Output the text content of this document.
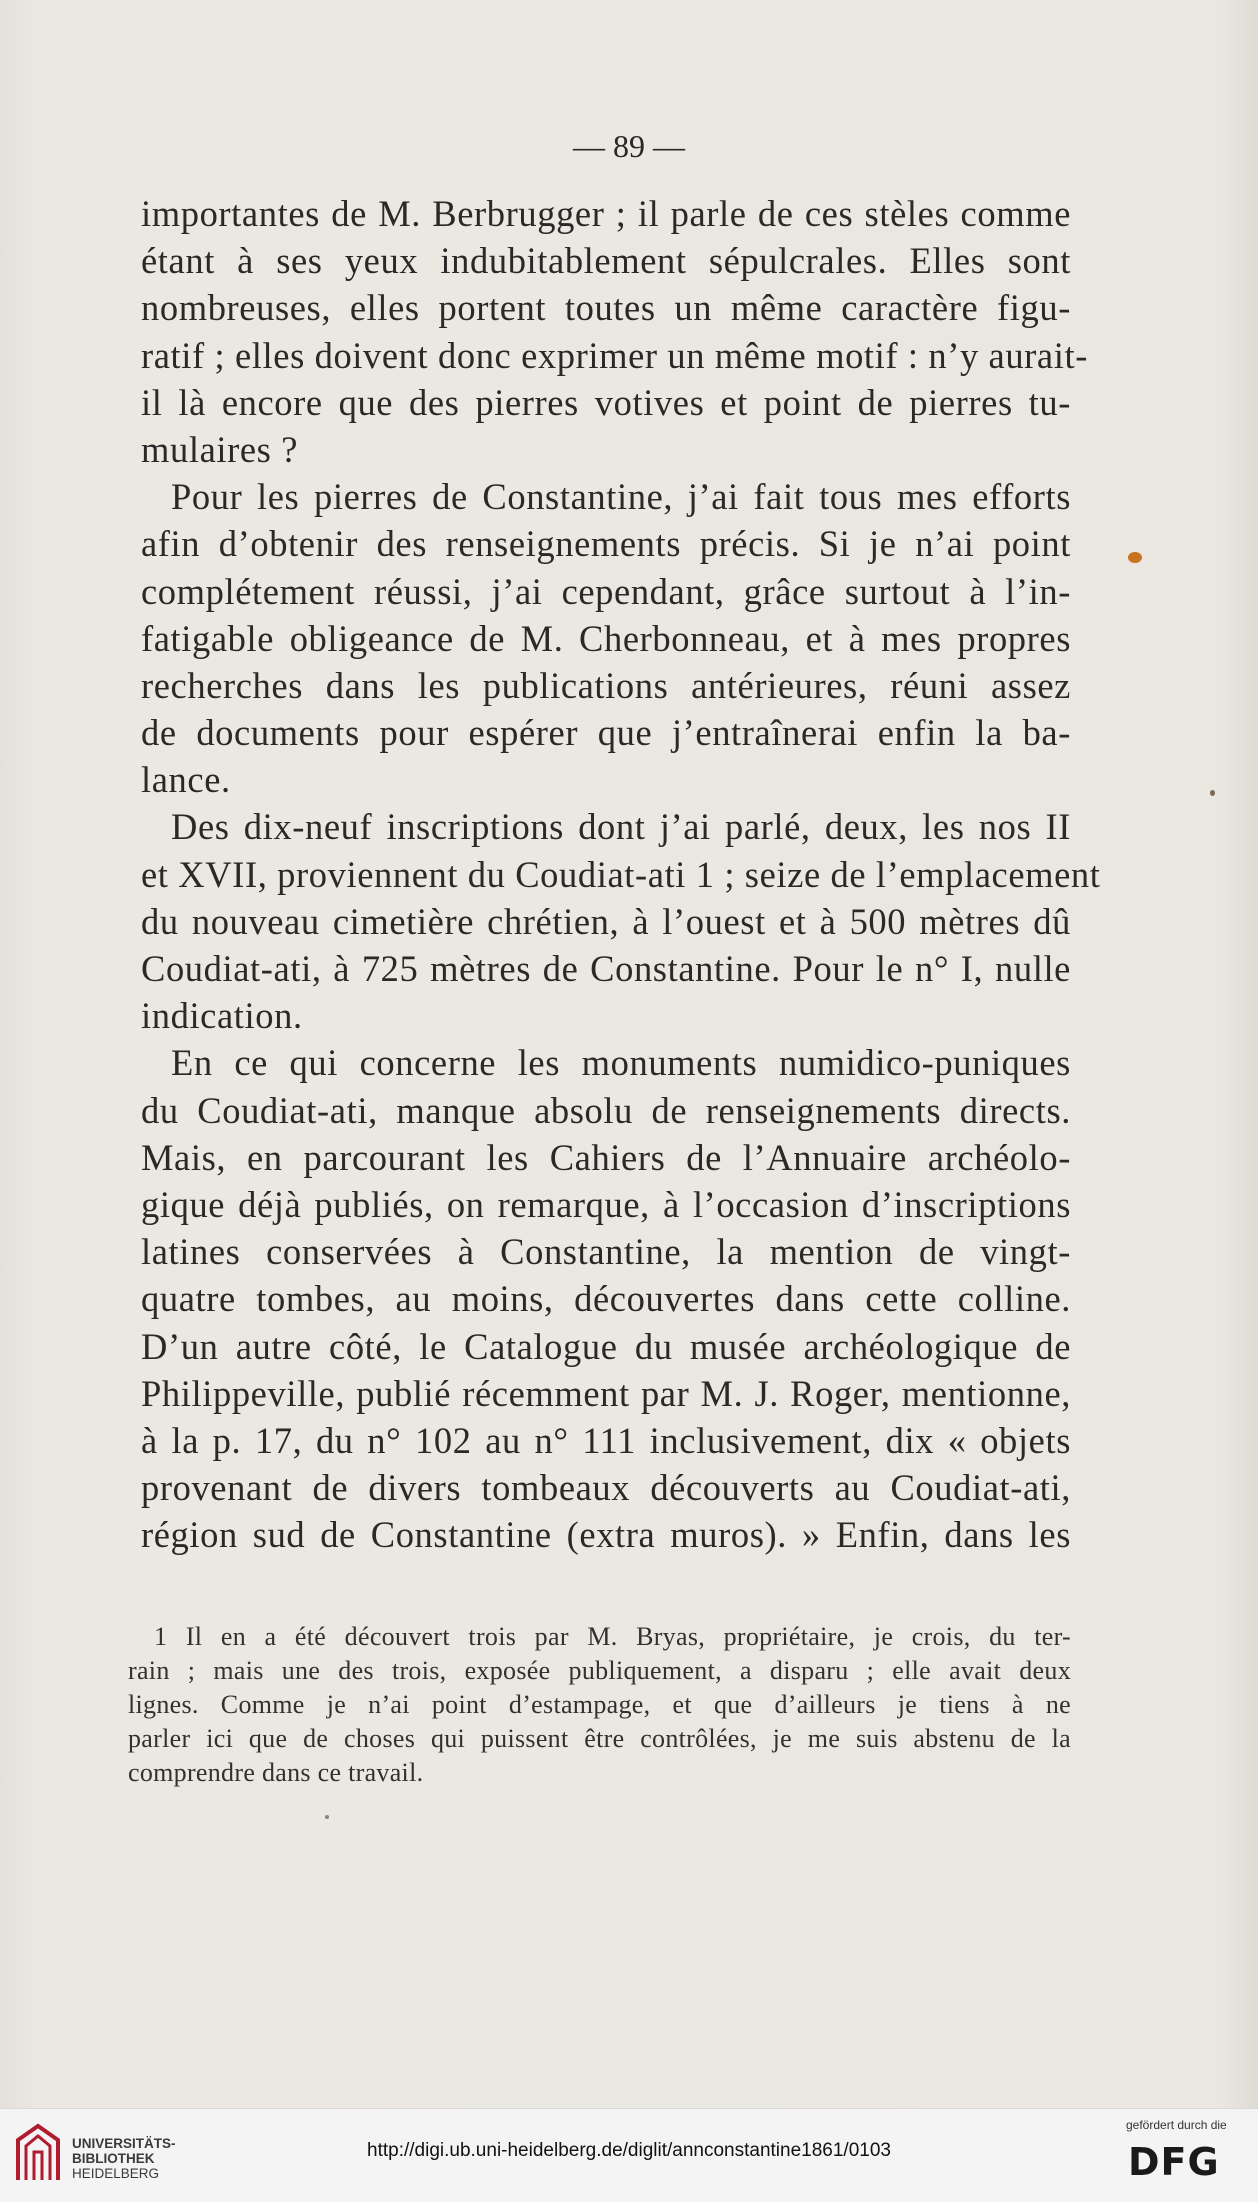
— 89 —
importantes de M. Berbrugger ; il parle de ces stèles comme
étant à ses yeux indubitablement sépulcrales. Elles sont
nombreuses, elles portent toutes un même caractère figu-
ratif ; elles doivent donc exprimer un même motif : n’y aurait-
il là encore que des pierres votives et point de pierres tu-
mulaires ?
Pour les pierres de Constantine, j’ai fait tous mes efforts
afin d’obtenir des renseignements précis. Si je n’ai point
complétement réussi, j’ai cependant, grâce surtout à l’in-
fatigable obligeance de M. Cherbonneau, et à mes propres
recherches dans les publications antérieures, réuni assez
de documents pour espérer que j’entraînerai enfin la ba-
lance.
Des dix-neuf inscriptions dont j’ai parlé, deux, les nos II
et XVII, proviennent du Coudiat-ati 1 ; seize de l’emplacement
du nouveau cimetière chrétien, à l’ouest et à 500 mètres dû
Coudiat-ati, à 725 mètres de Constantine. Pour le n° I, nulle
indication.
En ce qui concerne les monuments numidico-puniques
du Coudiat-ati, manque absolu de renseignements directs.
Mais, en parcourant les Cahiers de l’Annuaire archéolo-
gique déjà publiés, on remarque, à l’occasion d’inscriptions
latines conservées à Constantine, la mention de vingt-
quatre tombes, au moins, découvertes dans cette colline.
D’un autre côté, le Catalogue du musée archéologique de
Philippeville, publié récemment par M. J. Roger, mentionne,
à la p. 17, du n° 102 au n° 111 inclusivement, dix « objets
provenant de divers tombeaux découverts au Coudiat-ati,
région sud de Constantine (extra muros). » Enfin, dans les
1 Il en a été découvert trois par M. Bryas, propriétaire, je crois, du ter-
rain ; mais une des trois, exposée publiquement, a disparu ; elle avait deux
lignes. Comme je n’ai point d’estampage, et que d’ailleurs je tiens à ne
parler ici que de choses qui puissent être contrôlées, je me suis abstenu de la
comprendre dans ce travail.
UNIVERSITÄTS-
BIBLIOTHEK
HEIDELBERG
http://digi.ub.uni-heidelberg.de/diglit/annconstantine1861/0103
gefördert durch die
DFG
